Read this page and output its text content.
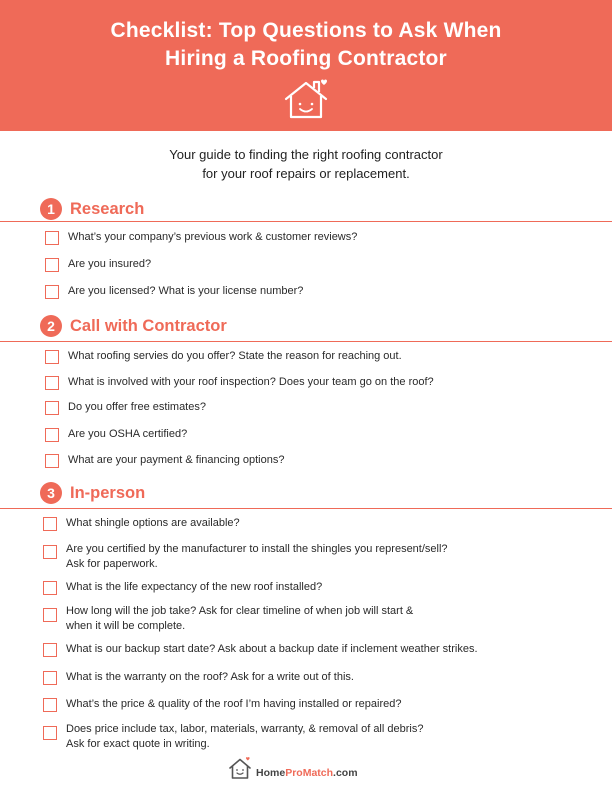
Checklist: Top Questions to Ask When
Hiring a Roofing Contractor
Your guide to finding the right roofing contractor
for your roof repairs or replacement.
1 Research
What’s your company’s previous work & customer reviews?
Are you insured?
Are you licensed? What is your license number?
2 Call with Contractor
What roofing servies do you offer? State the reason for reaching out.
What is involved with your roof inspection? Does your team go on the roof?
Do you offer free estimates?
Are you OSHA certified?
What are your payment & financing options?
3 In-person
What shingle options are available?
Are you certified by the manufacturer to install the shingles you represent/sell?
Ask for paperwork.
What is the life expectancy of the new roof installed?
How long will the job take? Ask for clear timeline of when job will start &
when it will be complete.
What is our backup start date? Ask about a backup date if inclement weather strikes.
What is the warranty on the roof? Ask for a write out of this.
What’s the price & quality of the roof I’m having installed or repaired?
Does price include tax, labor, materials, warranty, & removal of all debris?
Ask for exact quote in writing.
HomeProMatch.com
